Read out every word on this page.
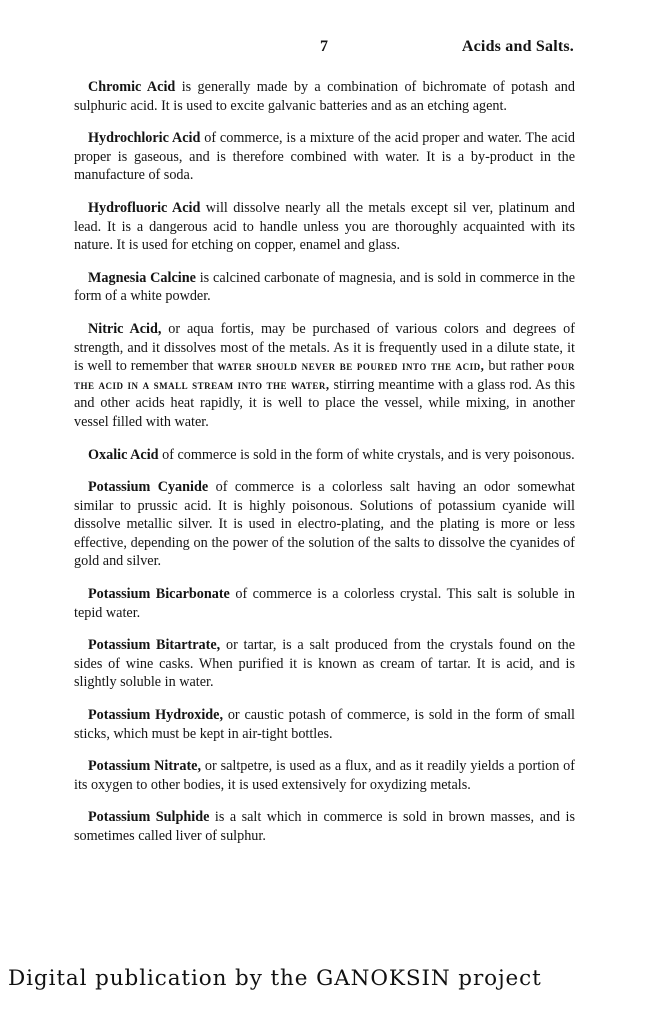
7	Acids and Salts.

Chromic Acid is generally made by a combination of bichromate of potash and sulphuric acid. It is used to excite galvanic batteries and as an etching agent.

Hydrochloric Acid of commerce, is a mixture of the acid proper and water. The acid proper is gaseous, and is therefore combined with water. It is a by-product in the manufacture of soda.

Hydrofluoric Acid will dissolve nearly all the metals except sil ver, platinum and lead. It is a dangerous acid to handle unless you are thoroughly acquainted with its nature. It is used for etching on copper, enamel and glass.

Magnesia Calcine is calcined carbonate of magnesia, and is sold in commerce in the form of a white powder.

Nitric Acid, or aqua fortis, may be purchased of various colors and degrees of strength, and it dissolves most of the metals. As it is frequently used in a dilute state, it is well to remember that water should never be poured into the acid, but rather pour the acid in a small stream into the water, stirring meantime with a glass rod. As this and other acids heat rapidly, it is well to place the vessel, while mixing, in another vessel filled with water.

Oxalic Acid of commerce is sold in the form of white crystals, and is very poisonous.

Potassium Cyanide of commerce is a colorless salt having an odor somewhat similar to prussic acid. It is highly poisonous. Solutions of potassium cyanide will dissolve metallic silver. It is used in electro-plating, and the plating is more or less effective, depending on the power of the solution of the salts to dissolve the cyanides of gold and silver.

Potassium Bicarbonate of commerce is a colorless crystal. This salt is soluble in tepid water.

Potassium Bitartrate, or tartar, is a salt produced from the crystals found on the sides of wine casks. When purified it is known as cream of tartar. It is acid, and is slightly soluble in water.

Potassium Hydroxide, or caustic potash of commerce, is sold in the form of small sticks, which must be kept in air-tight bottles.

Potassium Nitrate, or saltpetre, is used as a flux, and as it readily yields a portion of its oxygen to other bodies, it is used extensively for oxydizing metals.

Potassium Sulphide is a salt which in commerce is sold in brown masses, and is sometimes called liver of sulphur.

Digital publication by the GANOKSIN project
